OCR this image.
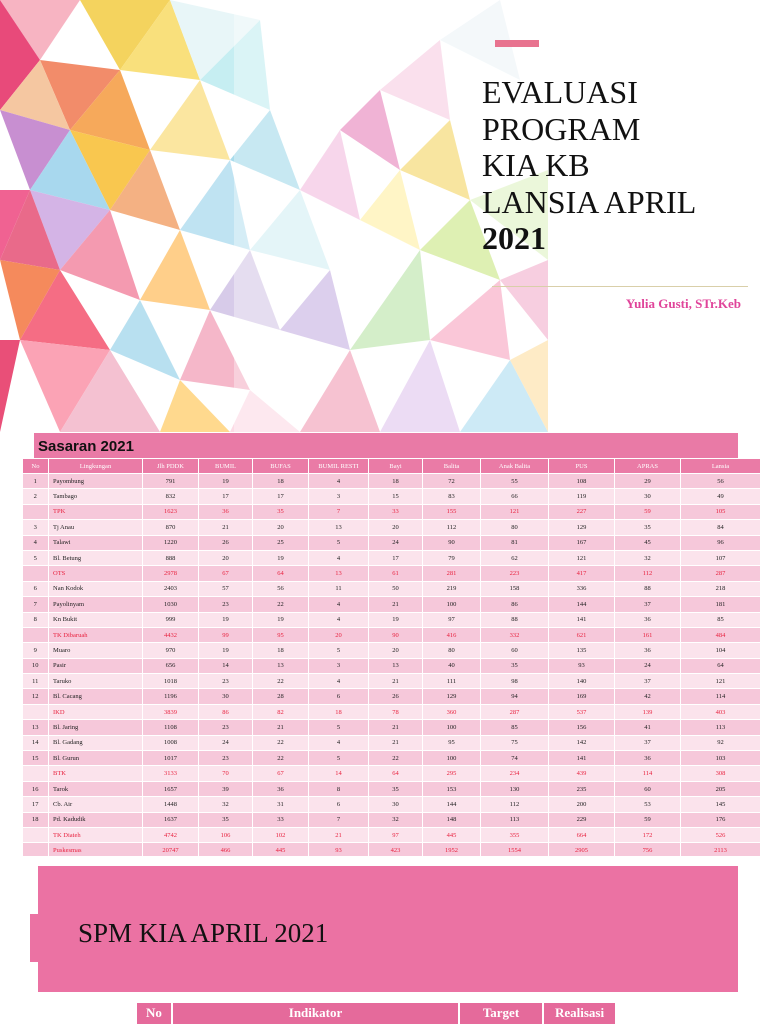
EVALUASI
PROGRAM
KIA KB
LANSIA APRIL
2021
Yulia Gusti, STr.Keb
Sasaran 2021
No	Lingkungan	Jlh PDDK	BUMIL	BUFAS	BUMIL RESTI	Bayi	Balita	Anak Balita	PUS	APRAS	Lansia
1	Payombung	791	19	18	4	18	72	55	108	29	56
2	Tambago	832	17	17	3	15	83	66	119	30	49
	TPK	1623	36	35	7	33	155	121	227	59	105
3	Tj Anau	870	21	20	13	20	112	80	129	35	84
4	Talawi	1220	26	25	5	24	90	81	167	45	96
5	Bl. Betung	888	20	19	4	17	79	62	121	32	107
	OTS	2978	67	64	13	61	281	223	417	112	287
6	Nan Kodok	2403	57	56	11	50	219	158	336	88	218
7	Payolinyam	1030	23	22	4	21	100	86	144	37	181
8	Kn Bukit	999	19	19	4	19	97	88	141	36	85
	TK Dibaruah	4432	99	95	20	90	416	332	621	161	484
9	Muaro	970	19	18	5	20	80	60	135	36	104
10	Pasir	656	14	13	3	13	40	35	93	24	64
11	Taruko	1018	23	22	4	21	111	98	140	37	121
12	Bl. Cacang	1196	30	28	6	26	129	94	169	42	114
	IKD	3839	86	82	18	78	360	287	537	139	403
13	Bl. Jaring	1108	23	21	5	21	100	85	156	41	113
14	Bl. Gadang	1008	24	22	4	21	95	75	142	37	92
15	Bl. Gurun	1017	23	22	5	22	100	74	141	36	103
	BTK	3133	70	67	14	64	295	234	439	114	308
16	Tarok	1657	39	36	8	35	153	130	235	60	205
17	Cb. Air	1448	32	31	6	30	144	112	200	53	145
18	Pd. Kadudik	1637	35	33	7	32	148	113	229	59	176
	TK Diateh	4742	106	102	21	97	445	355	664	172	526
	Puskesmas	20747	466	445	93	423	1952	1554	2905	756	2113
SPM KIA APRIL 2021
No	Indikator	Target	Realisasi
